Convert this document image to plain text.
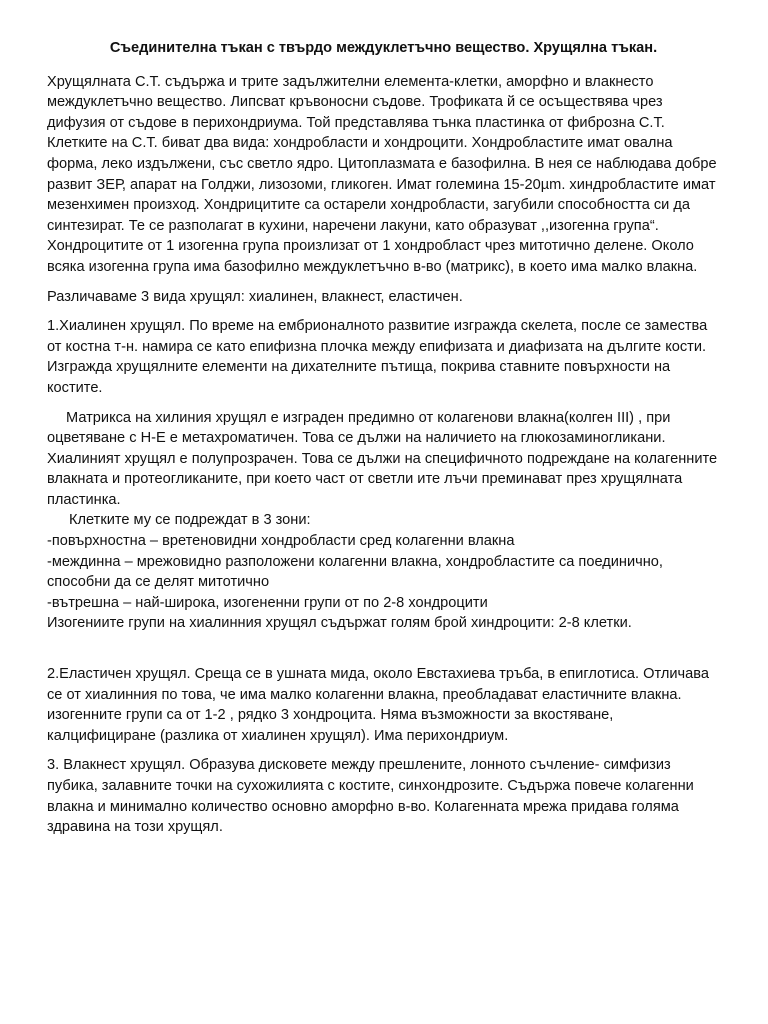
Съединителна тъкан с твърдо междуклетъчно вещество. Хрущялна тъкан.

Хрущялната С.Т. съдържа и трите задължителни елемента-клетки, аморфно и влакнесто междуклетъчно вещество. Липсват кръвоносни съдове. Трофиката й се осъществява чрез дифузия от съдове в перихондриума. Той представлява тънка пластинка от фиброзна С.Т. Клетките на С.Т. биват два вида: хондробласти и хондроцити. Хондробластите имат овална форма, леко издължени, със светло ядро. Цитоплазмата е базофилна. В нея се наблюдава добре развит ЗЕР, апарат на Голджи, лизозоми, гликоген. Имат големина 15-20µm. хиндробластите имат мезенхимен произход. Хондрицитите са остарели хондробласти, загубили способността си да синтезират. Те се разполагат в кухини, наречени лакуни, като образуват ,,изогенна група“. Хондроцитите от 1 изогенна група произлизат от 1 хондробласт чрез митотично делене. Около всяка изогенна група има базофилно междуклетъчно в-во (матрикс), в което има малко влакна.

Различаваме 3 вида хрущял: хиалинен, влакнест, еластичен.

1.Хиалинен хрущял. По време на ембрионалното развитие изгражда скелета, после се замества от костна т-н. намира се като епифизна плочка между епифизата и диафизата на дългите кости. Изгражда хрущялните елементи на дихателните пътища, покрива ставните повърхности на костите.

Матрикса на хилиния хрущял е изграден предимно от колагенови влакна(колген III) , при оцветяване с H-E е метахроматичен. Това се дължи на наличието на глюкозаминогликани. Хиалиният хрущял е полупрозрачен. Това се дължи на специфичното подреждане на колагенните влакната и протеогликаните, при което част от светли ите лъчи преминават през хрущялната пластинка.

Клетките му се подреждат в 3 зони:
-повърхностна – вретеновидни хондробласти сред колагенни влакна
-междинна – мрежовидно разположени колагенни влакна, хондробластите са поединично, способни да се делят митотично
-вътрешна – най-широка, изогененни групи от по 2-8 хондроцити
Изогениите групи на хиалинния хрущял съдържат голям брой хиндроцити: 2-8 клетки.

2.Еластичен хрущял. Среща се в ушната мида, около Евстахиева тръба, в епиглотиса. Отличава се от хиалинния по това, че има малко колагенни влакна, преобладават еластичните влакна. изогенните групи са от 1-2 , рядко 3 хондроцита. Няма възможности за вкостяване, калцифициране (разлика от хиалинен хрущял). Има перихондриум.

3. Влакнест хрущял. Образува дисковете между прешлените, лонното съчление- симфизиз пубика, залавните точки на сухожилията с костите, синхондрозите. Съдържа повече колагенни влакна и минимално количество основно аморфно в-во. Колагенната мрежа придава голяма здравина на този хрущял.
